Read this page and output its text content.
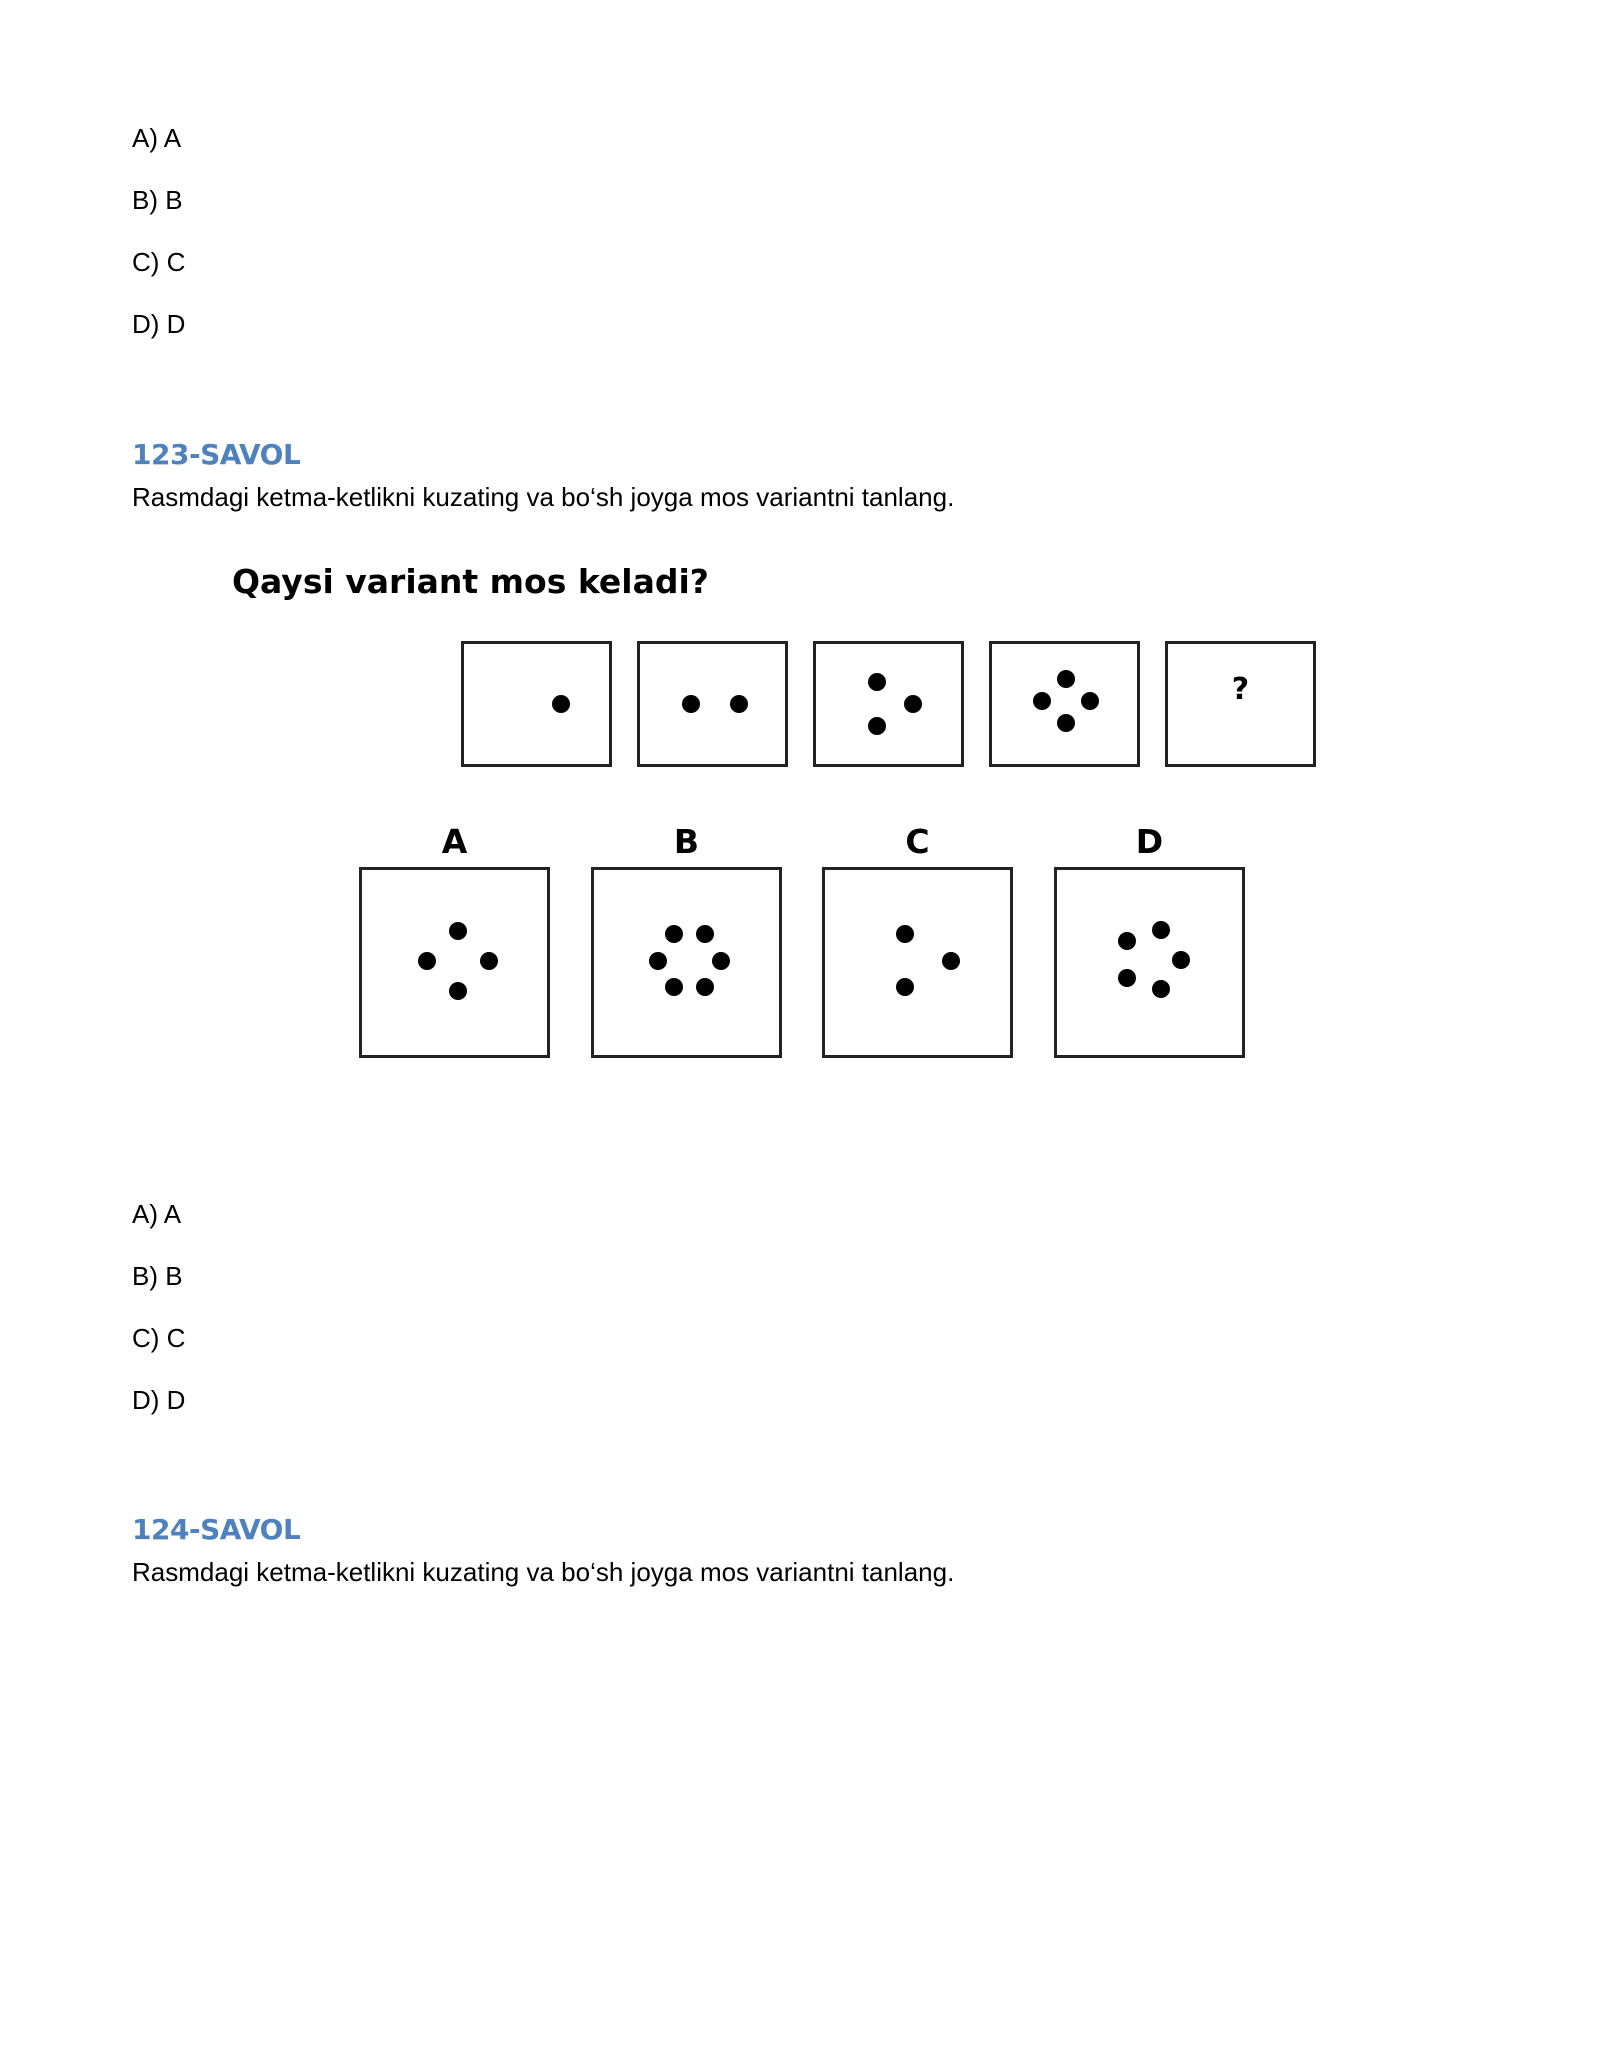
A) A
B) B
C) C
D) D
123-SAVOL
Rasmdagi ketma-ketlikni kuzating va bo‘sh joyga mos variantni tanlang.
Qaysi variant mos keladi?
?
A	B	C	D
A) A
B) B
C) C
D) D
124-SAVOL
Rasmdagi ketma-ketlikni kuzating va bo‘sh joyga mos variantni tanlang.
